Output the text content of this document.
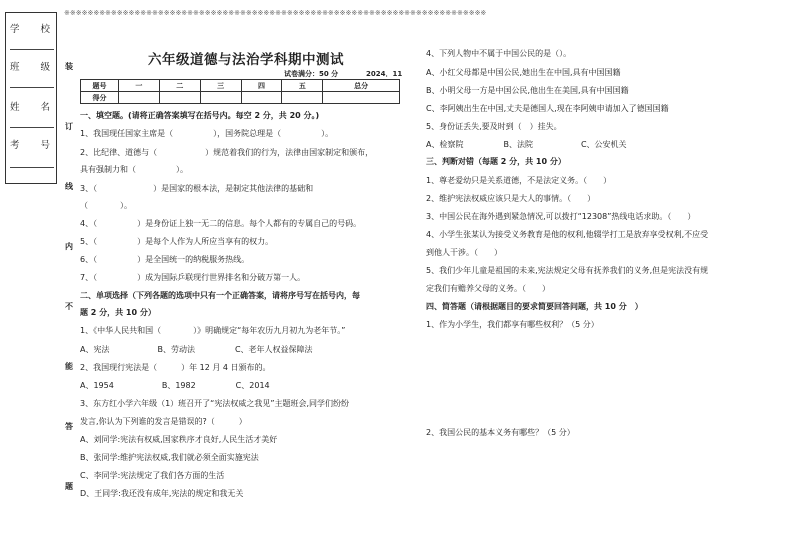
学 校
班 级
姓 名
考 号
※※※※※※※※※※※※※※※※※※※※※※※※※※※※※※※※※※※※※※※※※※※※※※※※※※※※※※※※※※※※※※※※※※※※※※※※
装
订
线
内
不
能
答
题
六年级道德与法治学科期中测试
试卷满分：50 分	2024．11
题号	一	二	三	四	五	总分
得分						
一、填空题。(请将正确答案填写在括号内。每空 2 分，共 20 分。)
1、我国现任国家主席是（　　　　　），国务院总理是（　　　　　）。
2、比纪律、道德与（　　　　　　）规范着我们的行为，法律由国家制定和颁布，
具有强制力和（　　　　　）。
3、（　　　　　　　）是国家的根本法，是制定其他法律的基础和
（　　　　）。
4、（　　　　　）是身份证上独一无二的信息。每个人都有的专属自己的号码。
5、（　　　　　）是每个人作为人所应当享有的权力。
6、（　　　　　）是全国统一的纳税服务热线。
7、（　　　　　）成为国际乒联现行世界排名和分破万第一人。
二、单项选择（下列各题的选项中只有一个正确答案，请将序号写在括号内，每
题 2 分，共 10 分）
1、《中华人民共和国（　　　　）》明确规定“每年农历九月初九为老年节。”
A、宪法　　　　　　B、劳动法　　　　　C、老年人权益保障法
2、我国现行宪法是（　　　）年 12 月 4 日颁布的。
A、1954　　　　　　B、1982　　　　　C、2014
3、东方红小学六年级（1）班召开了“宪法权威之我见”主题班会,同学们纷纷
发言,你认为下列谁的发言是错误的?（　　　）
A、刘同学:宪法有权威,国家秩序才良好,人民生活才美好
B、张同学:维护宪法权威,我们就必须全面实施宪法
C、李同学:宪法规定了我们各方面的生活
D、王同学:我还没有成年,宪法的规定和我无关
4、下列人物中不属于中国公民的是（）。
A、小红父母都是中国公民,她出生在中国,具有中国国籍
B、小明父母一方是中国公民,他出生在美国,具有中国国籍
C、李阿姨出生在中国,丈夫是德国人,现在李阿姨申请加入了德国国籍
5、身份证丢失,要及时到（　）挂失。
A、检察院　　　　　B、法院　　　　　　C、公安机关
三、判断对错（每题 2 分，共 10 分）
1、尊老爱幼只是关系道德，不是法定义务。（　　）
2、维护宪法权威应该只是大人的事情。（　　）
3、中国公民在海外遇到紧急情况,可以拨打“12308”热线电话求助。（　　）
4、小学生张某认为接受义务教育是他的权利,他辍学打工是放弃享受权利,不应受
到他人干涉。（　　）
5、我们少年儿童是祖国的未来,宪法规定父母有抚养我们的义务,但是宪法没有规
定我们有赡养父母的义务。（　　）
四、简答题（请根据题目的要求简要回答问题，共 10 分　）
1、作为小学生，我们都享有哪些权利？（5 分）
2、我国公民的基本义务有哪些？（5 分）
